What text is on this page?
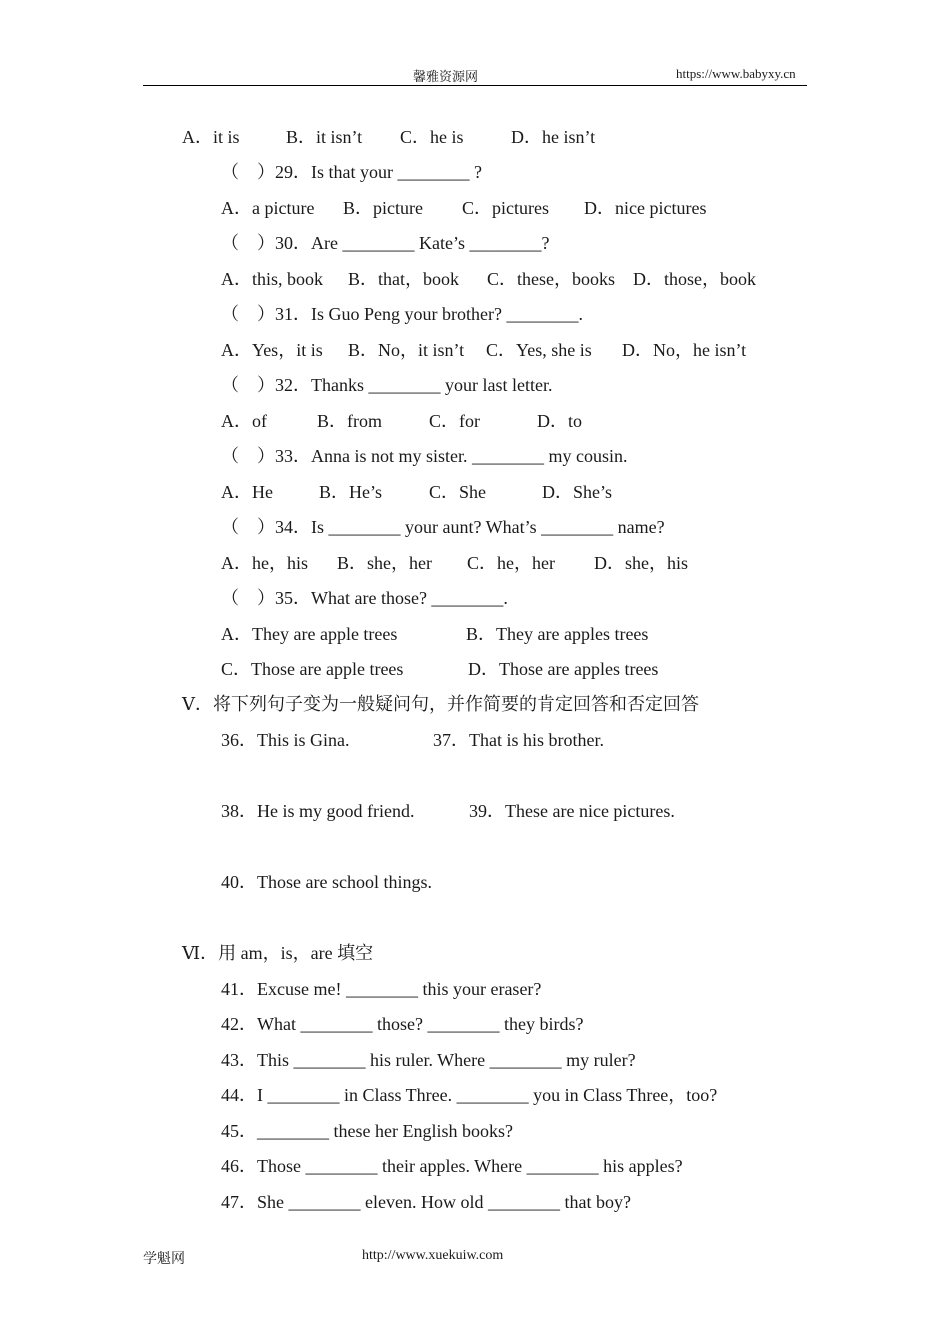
馨雅资源网	https://www.babyxy.cn
A．it is	B．it isn’t C．he is	D．he isn’t
（　）29．Is that your ________ ?
A．a picture B．picture C．pictures D．nice pictures
（　）30．Are ________ Kate’s ________?
A．this, book B．that，book C．these，books D．those，book
（　）31．Is Guo Peng your brother? ________.
A．Yes，it is B．No，it isn’t C．Yes, she is D．No，he isn’t
（　）32．Thanks ________ your last letter.
A．of	B．from	C．for	D．to
（　）33．Anna is not my sister. ________ my cousin.
A．He	B．He’s	C．She	D．She’s
（　）34．Is ________ your aunt? What’s ________ name?
A．he，his B．she，her C．he，her D．she，his
（　）35．What are those? ________.
A．They are apple trees	B．They are apples trees
C．Those are apple trees	D．Those are apples trees
Ⅴ．将下列句子变为一般疑问句，并作简要的肯定回答和否定回答
36．This is Gina.	37．That is his brother.
38．He is my good friend.	39．These are nice pictures.
40．Those are school things.
Ⅵ．用 am，is，are 填空
41．Excuse me! ________ this your eraser?
42．What ________ those? ________ they birds?
43．This ________ his ruler. Where ________ my ruler?
44．I ________ in Class Three. ________ you in Class Three，too?
45．________ these her English books?
46．Those ________ their apples. Where ________ his apples?
47．She ________ eleven. How old ________ that boy?
学魁网	http://www.xuekuiw.com
